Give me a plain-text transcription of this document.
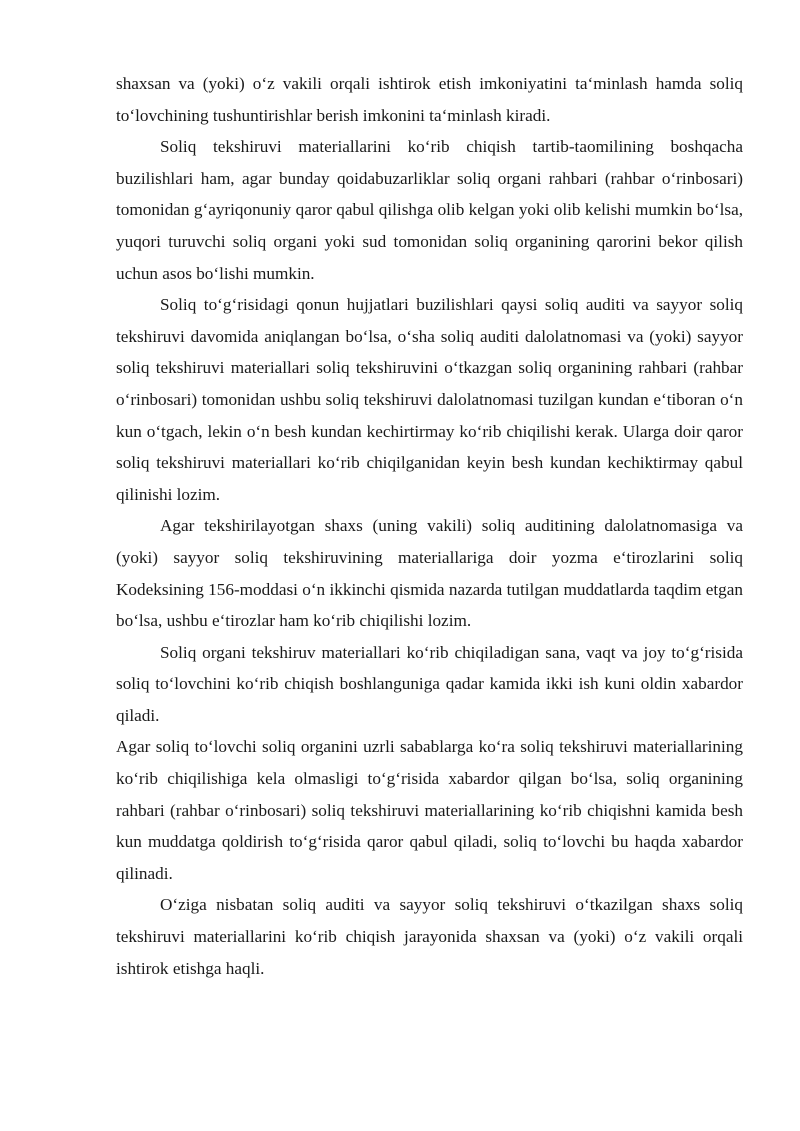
shaxsan va (yoki) o‘z vakili orqali ishtirok etish imkoniyatini ta‘minlash hamda soliq to‘lovchining tushuntirishlar berish imkonini ta‘minlash kiradi.

Soliq tekshiruvi materiallarini ko‘rib chiqish tartib-taomilining boshqacha buzilishlari ham, agar bunday qoidabuzarliklar soliq organi rahbari (rahbar o‘rinbosari) tomonidan g‘ayriqonuniy qaror qabul qilishga olib kelgan yoki olib kelishi mumkin bo‘lsa, yuqori turuvchi soliq organi yoki sud tomonidan soliq organining qarorini bekor qilish uchun asos bo‘lishi mumkin.

Soliq to‘g‘risidagi qonun hujjatlari buzilishlari qaysi soliq auditi va sayyor soliq tekshiruvi davomida aniqlangan bo‘lsa, o‘sha soliq auditi dalolatnomasi va (yoki) sayyor soliq tekshiruvi materiallari soliq tekshiruvini o‘tkazgan soliq organining rahbari (rahbar o‘rinbosari) tomonidan ushbu soliq tekshiruvi dalolatnomasi tuzilgan kundan e‘tiboran o‘n kun o‘tgach, lekin o‘n besh kundan kechirtirmay ko‘rib chiqilishi kerak. Ularga doir qaror soliq tekshiruvi materiallari ko‘rib chiqilganidan keyin besh kundan kechiktirmay qabul qilinishi lozim.

Agar tekshirilayotgan shaxs (uning vakili) soliq auditining dalolatnomasiga va (yoki) sayyor soliq tekshiruvining materiallariga doir yozma e‘tirozlarini soliq Kodeksining 156-moddasi o‘n ikkinchi qismida nazarda tutilgan muddatlarda taqdim etgan bo‘lsa, ushbu e‘tirozlar ham ko‘rib chiqilishi lozim.

Soliq organi tekshiruv materiallari ko‘rib chiqiladigan sana, vaqt va joy to‘g‘risida soliq to‘lovchini ko‘rib chiqish boshlanguniga qadar kamida ikki ish kuni oldin xabardor qiladi.

Agar soliq to‘lovchi soliq organini uzrli sabablarga ko‘ra soliq tekshiruvi materiallarining ko‘rib chiqilishiga kela olmasligi to‘g‘risida xabardor qilgan bo‘lsa, soliq organining rahbari (rahbar o‘rinbosari) soliq tekshiruvi materiallarining ko‘rib chiqishni kamida besh kun muddatga qoldirish to‘g‘risida qaror qabul qiladi, soliq to‘lovchi bu haqda xabardor qilinadi.

O‘ziga nisbatan soliq auditi va sayyor soliq tekshiruvi o‘tkazilgan shaxs soliq tekshiruvi materiallarini ko‘rib chiqish jarayonida shaxsan va (yoki) o‘z vakili orqali ishtirok etishga haqli.
